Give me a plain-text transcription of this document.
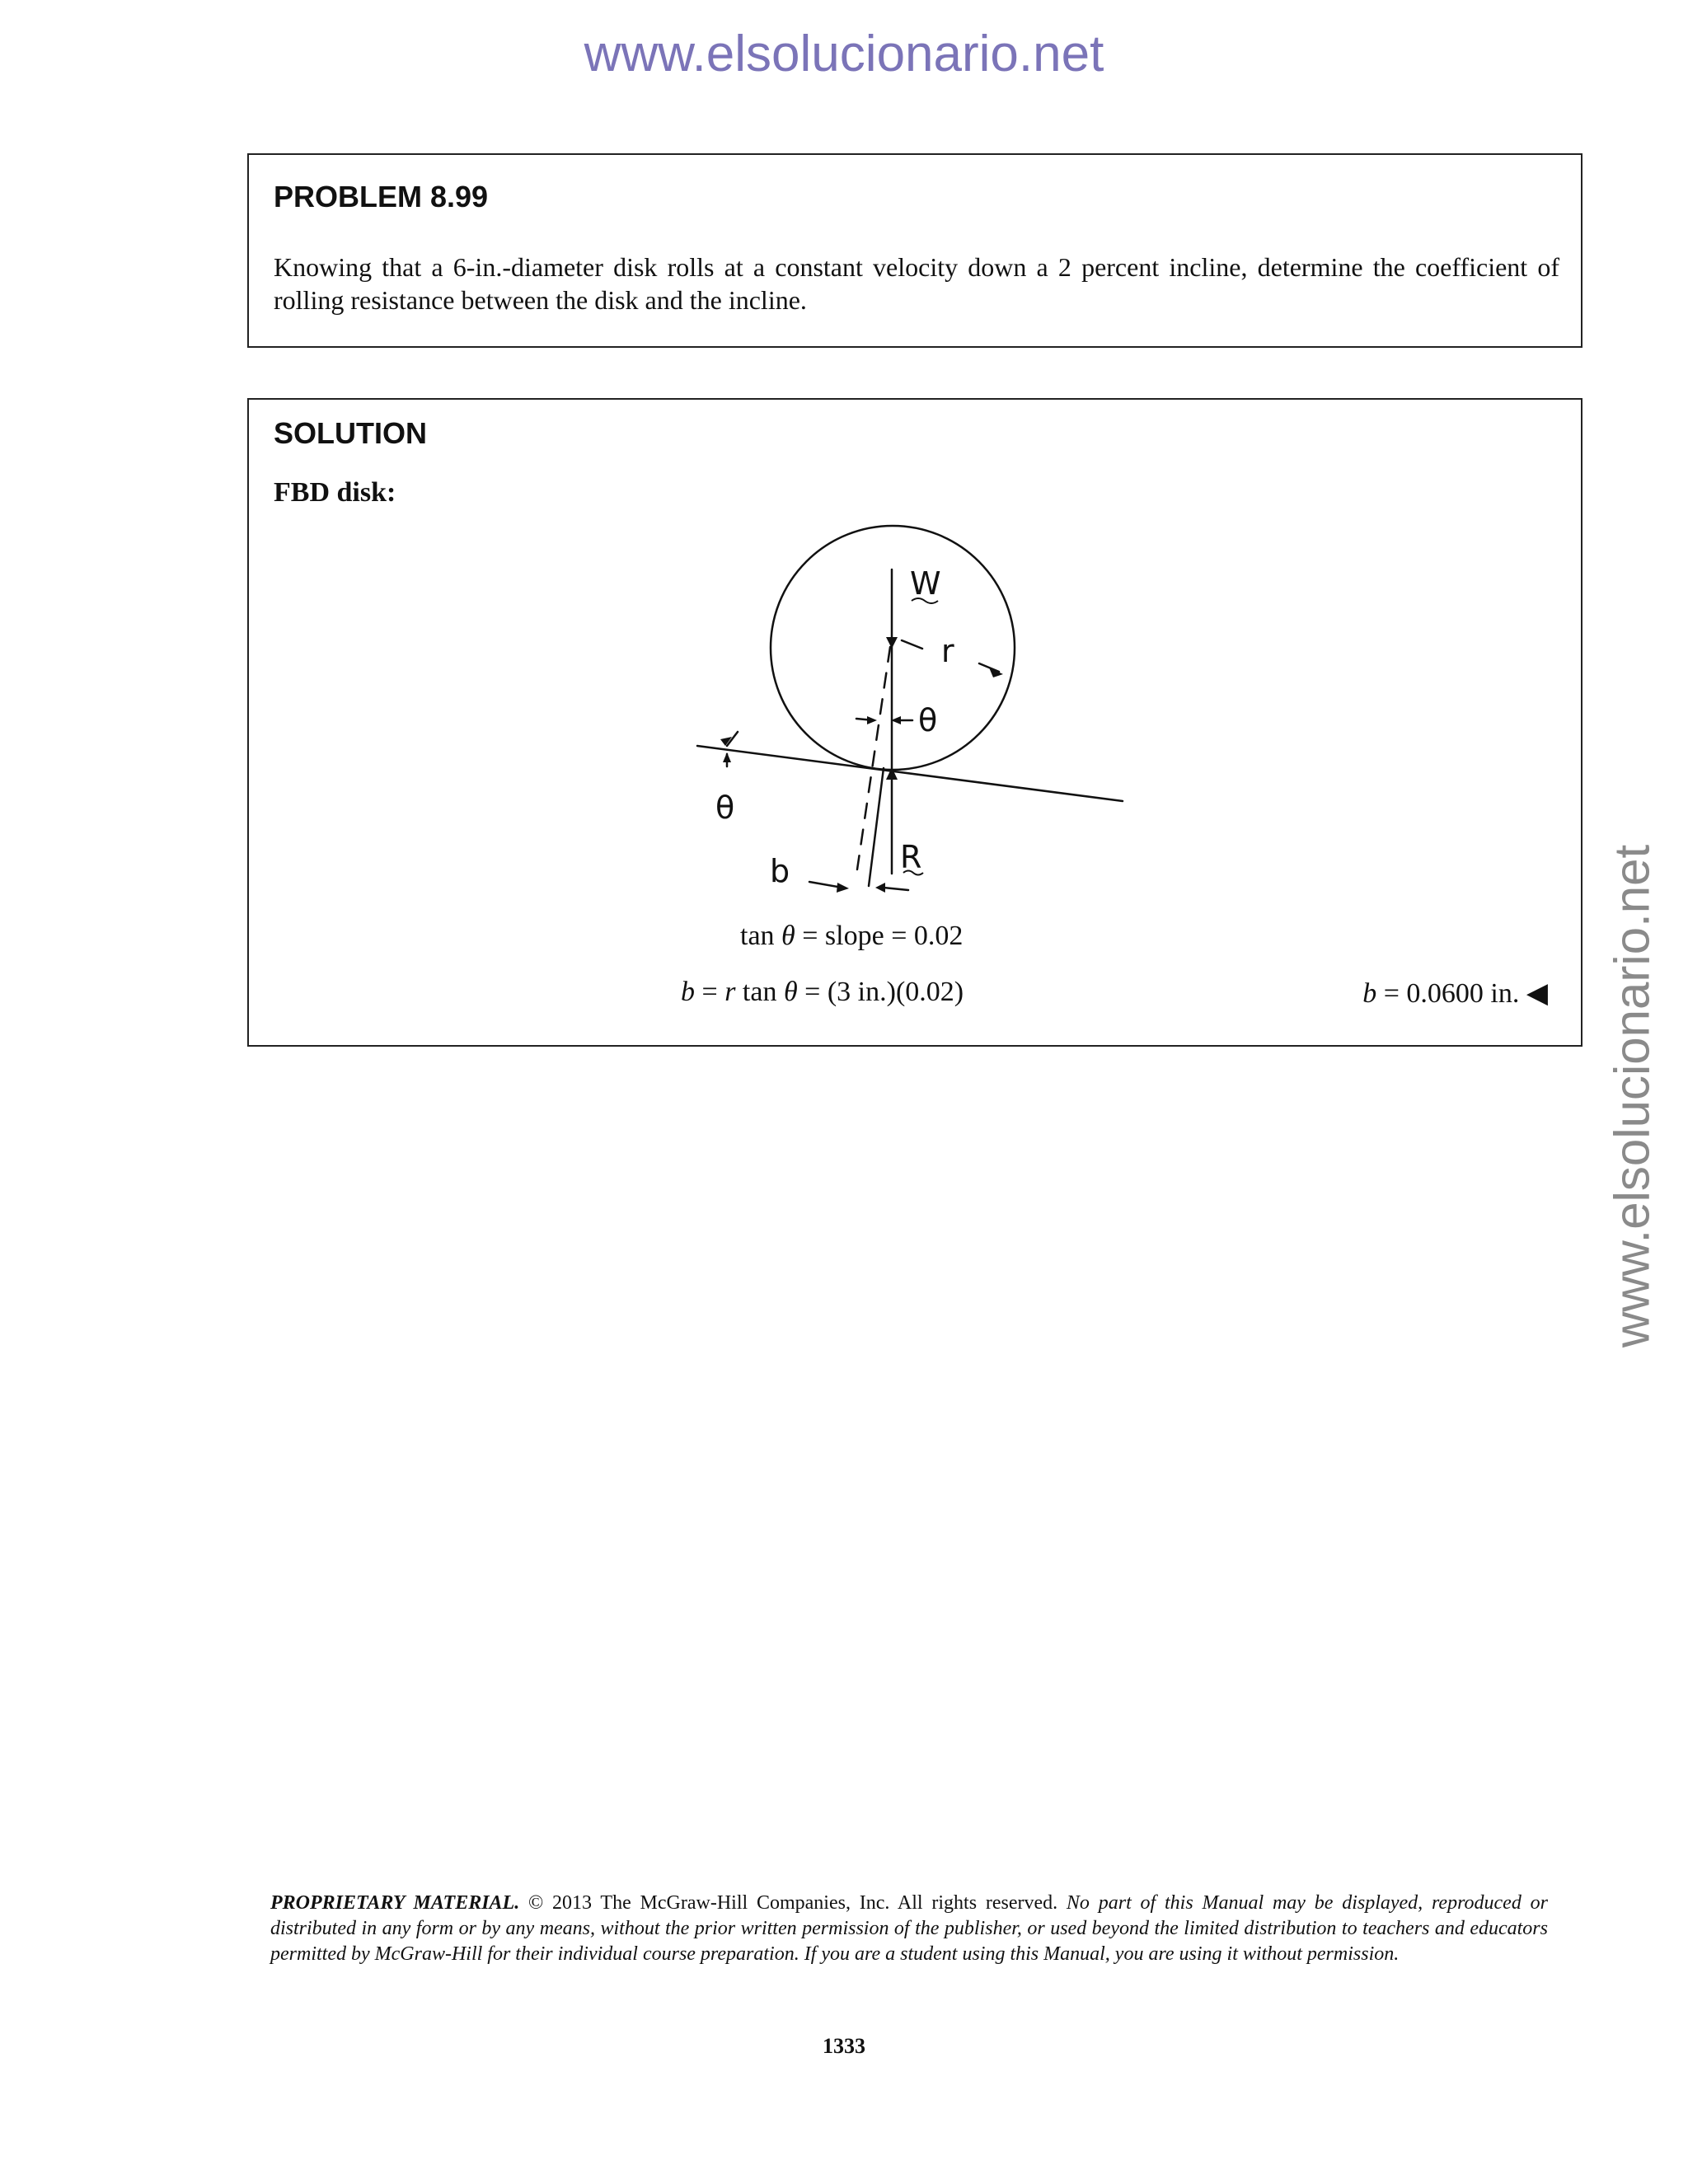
www.elsolucionario.net
www.elsolucionario.net
PROBLEM 8.99
Knowing that a 6-in.-diameter disk rolls at a constant velocity down a 2 percent incline, determine the coefficient of rolling resistance between the disk and the incline.
SOLUTION
FBD disk:
W
r
θ
θ
b	R
tan θ = slope = 0.02
b = r tan θ = (3 in.)(0.02)	b = 0.0600 in. ◀
PROPRIETARY MATERIAL. © 2013 The McGraw-Hill Companies, Inc. All rights reserved. No part of this Manual may be displayed, reproduced or distributed in any form or by any means, without the prior written permission of the publisher, or used beyond the limited distribution to teachers and educators permitted by McGraw-Hill for their individual course preparation. If you are a student using this Manual, you are using it without permission.
1333
